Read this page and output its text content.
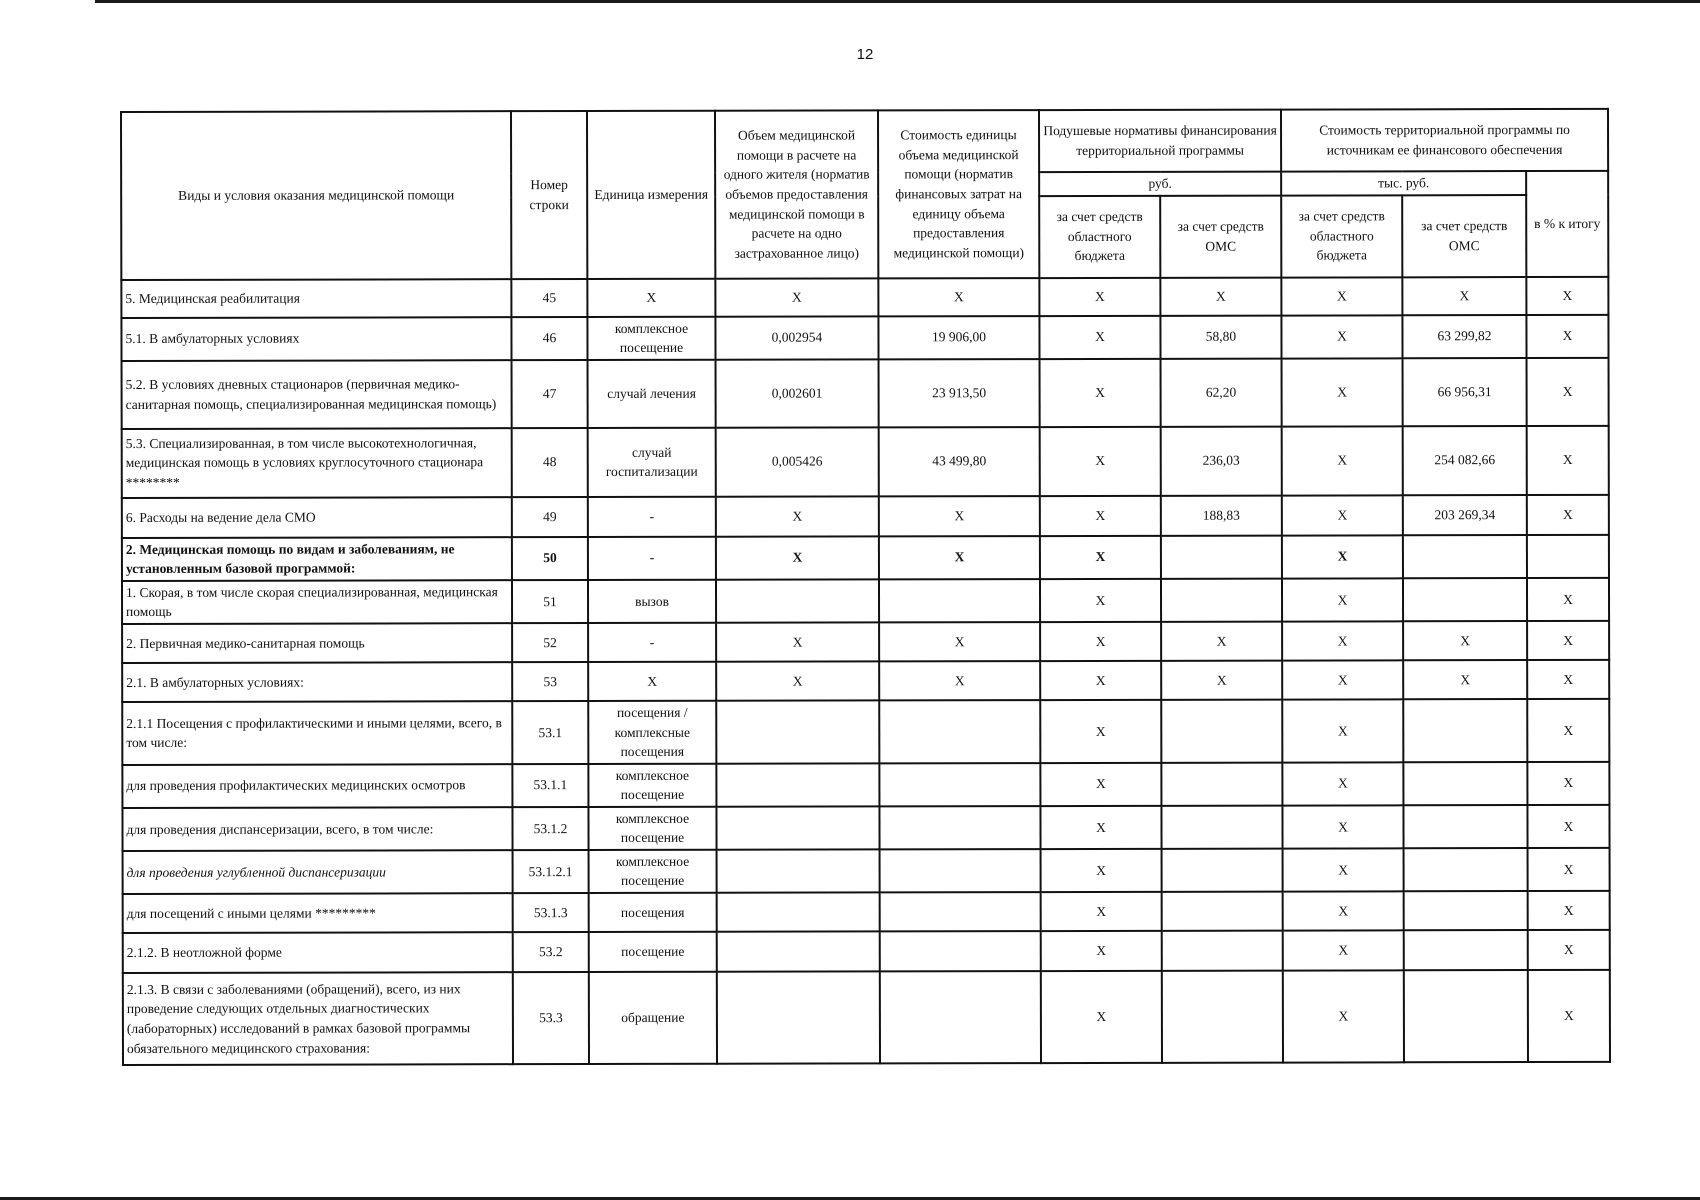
12
Виды и условия оказания медицинской помощи	Номер строки	Единица измерения	Объем медицинской помощи в расчете на одного жителя (норматив объемов предоставления медицинской помощи в расчете на одно застрахованное лицо)	Стоимость единицы объема медицинской помощи (норматив финансовых затрат на единицу объема предоставления медицинской помощи)	Подушевые нормативы финансирования территориальной программы		Стоимость территориальной программы по источникам ее финансового обеспечения		
					руб.		тыс. руб.		в % к итогу
					за счет средств областного бюджета	за счет средств ОМС	за счет средств областного бюджета	за счет средств ОМС	
5. Медицинская реабилитация	45	X	X	X	X	X	X	X	X
5.1. В амбулаторных условиях	46	комплексное посещение	0,002954	19 906,00	X	58,80	X	63 299,82	X
5.2. В условиях дневных стационаров (первичная медико-санитарная помощь, специализированная медицинская помощь)	47	случай лечения	0,002601	23 913,50	X	62,20	X	66 956,31	X
5.3. Специализированная, в том числе высокотехнологичная, медицинская помощь в условиях круглосуточного стационара ********	48	случай госпитализации	0,005426	43 499,80	X	236,03	X	254 082,66	X
6. Расходы на ведение дела СМО	49	-	X	X	X	188,83	X	203 269,34	X
2. Медицинская помощь по видам и заболеваниям, не установленным базовой программой:	50	-	X	X	X		X		
1. Скорая, в том числе скорая специализированная, медицинская помощь	51	вызов			X		X		X
2. Первичная медико-санитарная помощь	52	-	X	X	X	X	X	X	X
2.1. В амбулаторных условиях:	53	X	X	X	X	X	X	X	X
2.1.1 Посещения с профилактическими и иными целями, всего, в том числе:	53.1	посещения / комплексные посещения			X		X		X
для проведения профилактических медицинских осмотров	53.1.1	комплексное посещение			X		X		X
для проведения диспансеризации, всего, в том числе:	53.1.2	комплексное посещение			X		X		X
для проведения углубленной диспансеризации	53.1.2.1	комплексное посещение			X		X		X
для посещений с иными целями *********	53.1.3	посещения			X		X		X
2.1.2. В неотложной форме	53.2	посещение			X		X		X
2.1.3. В связи с заболеваниями (обращений), всего, из них проведение следующих отдельных диагностических (лабораторных) исследований в рамках базовой программы обязательного медицинского страхования:	53.3	обращение			X		X		X
